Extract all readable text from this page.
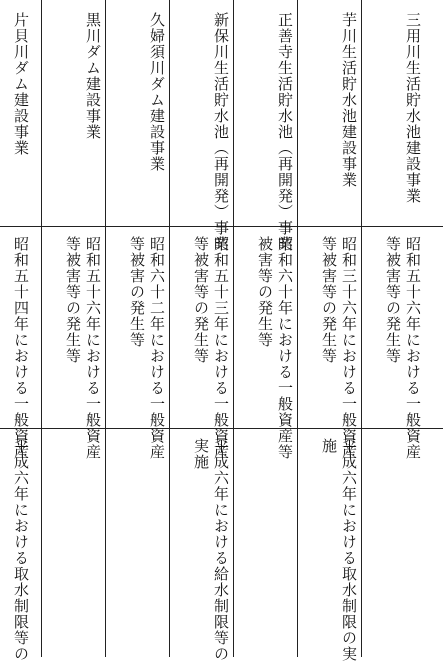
三用川生活貯水池建設事業
昭和五十六年における一般資産
等被害等の発生等
芋川生活貯水池建設事業
昭和三十六年における一般資産
等被害等の発生等
平成六年における取水制限の実
施
正善寺生活貯水池（再開発）事業
昭和六十年における一般資産等
被害等の発生等
新保川生活貯水池（再開発）事業
昭和五十三年における一般資産
等被害等の発生等
平成六年における給水制限等の
実施
久婦須川ダム建設事業
昭和六十二年における一般資産
等被害の発生等
黒川ダム建設事業
昭和五十六年における一般資産
等被害等の発生等
片貝川ダム建設事業
昭和五十四年における一般資産
平成六年における取水制限等の
